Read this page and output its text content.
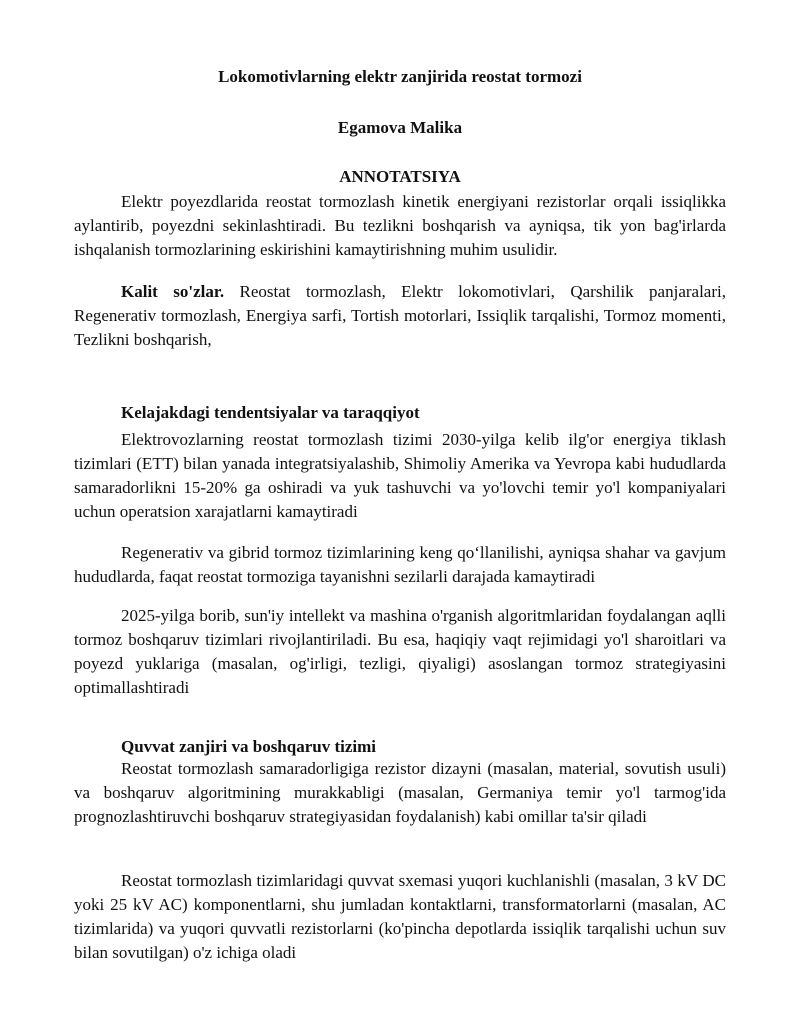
Lokomotivlarning elektr zanjirida reostat tormozi

Egamova Malika

ANNOTATSIYA

Elektr poyezdlarida reostat tormozlash kinetik energiyani rezistorlar orqali issiqlikka aylantirib, poyezdni sekinlashtiradi. Bu tezlikni boshqarish va ayniqsa, tik yon bag'irlarda ishqalanish tormozlarining eskirishini kamaytirishning muhim usulidir.

Kalit so'zlar. Reostat tormozlash, Elektr lokomotivlari, Qarshilik panjaralari, Regenerativ tormozlash, Energiya sarfi, Tortish motorlari, Issiqlik tarqalishi, Tormoz momenti, Tezlikni boshqarish,

Kelajakdagi tendentsiyalar va taraqqiyot

Elektrovozlarning reostat tormozlash tizimi 2030-yilga kelib ilg'or energiya tiklash tizimlari (ETT) bilan yanada integratsiyalashib, Shimoliy Amerika va Yevropa kabi hududlarda samaradorlikni 15-20% ga oshiradi va yuk tashuvchi va yo'lovchi temir yo'l kompaniyalari uchun operatsion xarajatlarni kamaytiradi

Regenerativ va gibrid tormoz tizimlarining keng qo‘llanilishi, ayniqsa shahar va gavjum hududlarda, faqat reostat tormoziga tayanishni sezilarli darajada kamaytiradi

2025-yilga borib, sun'iy intellekt va mashina o'rganish algoritmlaridan foydalangan aqlli tormoz boshqaruv tizimlari rivojlantiriladi. Bu esa, haqiqiy vaqt rejimidagi yo'l sharoitlari va poyezd yuklariga (masalan, og'irligi, tezligi, qiyaligi) asoslangan tormoz strategiyasini optimallashtiradi

Quvvat zanjiri va boshqaruv tizimi

Reostat tormozlash samaradorligiga rezistor dizayni (masalan, material, sovutish usuli) va boshqaruv algoritmining murakkabligi (masalan, Germaniya temir yo'l tarmog'ida prognozlashtiruvchi boshqaruv strategiyasidan foydalanish) kabi omillar ta'sir qiladi

Reostat tormozlash tizimlaridagi quvvat sxemasi yuqori kuchlanishli (masalan, 3 kV DC yoki 25 kV AC) komponentlarni, shu jumladan kontaktlarni, transformatorlarni (masalan, AC tizimlarida) va yuqori quvvatli rezistorlarni (ko'pincha depotlarda issiqlik tarqalishi uchun suv bilan sovutilgan) o'z ichiga oladi
